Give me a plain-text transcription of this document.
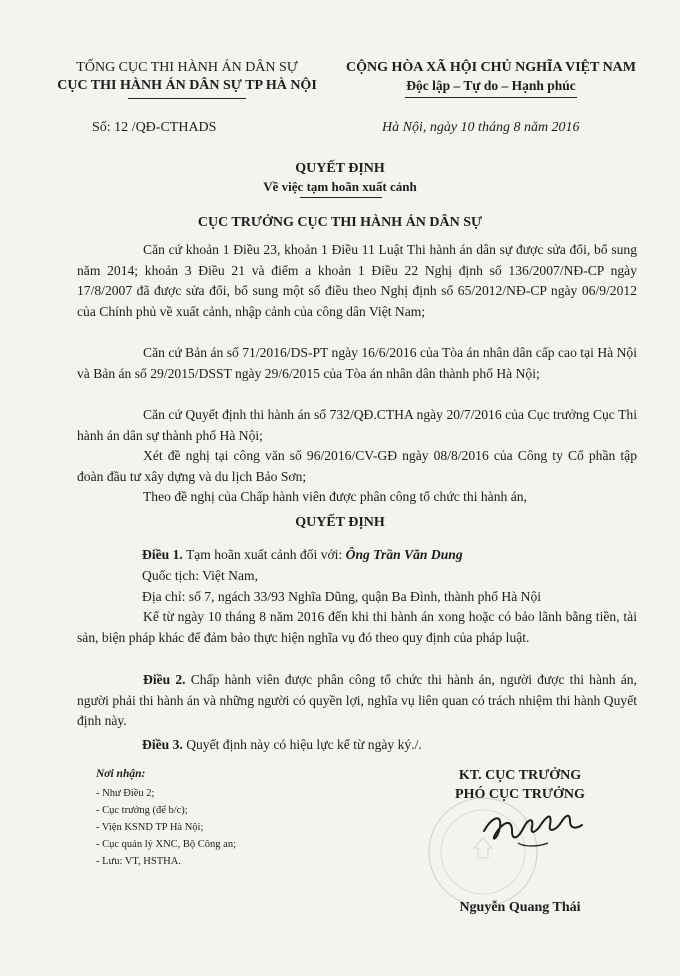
TỔNG CỤC THI HÀNH ÁN DÂN SỰ
CỤC THI HÀNH ÁN DÂN SỰ TP HÀ NỘI
CỘNG HÒA XÃ HỘI CHỦ NGHĨA VIỆT NAM
Độc lập – Tự do – Hạnh phúc
Số: 12 /QĐ-CTHADS	Hà Nội, ngày 10 tháng 8 năm 2016
QUYẾT ĐỊNH
Về việc tạm hoãn xuất cảnh
CỤC TRƯỞNG CỤC THI HÀNH ÁN DÂN SỰ

Căn cứ khoản 1 Điều 23, khoản 1 Điều 11 Luật Thi hành án dân sự được sửa đổi, bổ sung năm 2014; khoản 3 Điều 21 và điểm a khoản 1 Điều 22 Nghị định số 136/2007/NĐ-CP ngày 17/8/2007 đã được sửa đổi, bổ sung một số điều theo Nghị định số 65/2012/NĐ-CP ngày 06/9/2012 của Chính phủ về xuất cảnh, nhập cảnh của công dân Việt Nam;

Căn cứ Bản án số 71/2016/DS-PT ngày 16/6/2016 của Tòa án nhân dân cấp cao tại Hà Nội và Bản án số 29/2015/DSST ngày 29/6/2015 của Tòa án nhân dân thành phố Hà Nội;

Căn cứ Quyết định thi hành án số 732/QĐ.CTHA ngày 20/7/2016 của Cục trưởng Cục Thi hành án dân sự thành phố Hà Nội;

Xét đề nghị tại công văn số 96/2016/CV-GĐ ngày 08/8/2016 của Công ty Cổ phần tập đoàn đầu tư xây dựng và du lịch Bảo Sơn;

Theo đề nghị của Chấp hành viên được phân công tổ chức thi hành án,

QUYẾT ĐỊNH
Điều 1. Tạm hoãn xuất cảnh đối với: Ông Trần Văn Dung
Quốc tịch: Việt Nam,
Địa chỉ: số 7, ngách 33/93 Nghĩa Dũng, quận Ba Đình, thành phố Hà Nội

Kể từ ngày 10 tháng 8 năm 2016 đến khi thi hành án xong hoặc có bảo lãnh bằng tiền, tài sản, biện pháp khác để đảm bảo thực hiện nghĩa vụ đó theo quy định của pháp luật.

Điều 2. Chấp hành viên được phân công tổ chức thi hành án, người được thi hành án, người phải thi hành án và những người có quyền lợi, nghĩa vụ liên quan có trách nhiệm thi hành Quyết định này.

Điều 3. Quyết định này có hiệu lực kể từ ngày ký./.
Nơi nhận:
- Như Điều 2;
- Cục trưởng (để b/c);
- Viện KSND TP Hà Nội;
- Cục quản lý XNC, Bộ Công an;
- Lưu: VT, HSTHA.
KT. CỤC TRƯỞNG
PHÓ CỤC TRƯỞNG
Nguyễn Quang Thái
